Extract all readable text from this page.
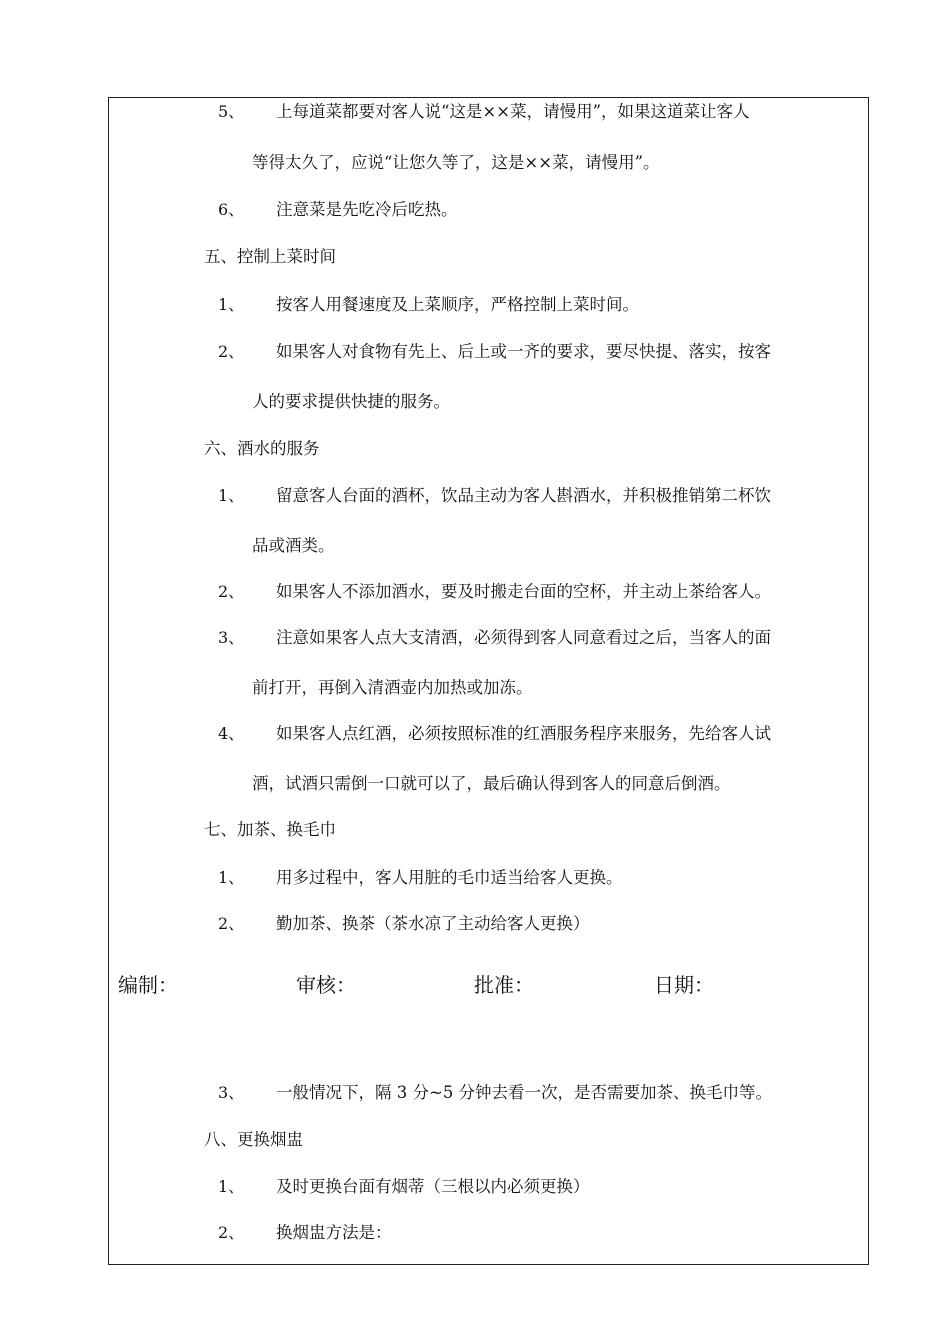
5、 上每道菜都要对客人说“这是××菜，请慢用”，如果这道菜让客人
等得太久了，应说“让您久等了，这是××菜，请慢用”。
6、 注意菜是先吃冷后吃热。
五、控制上菜时间
1、 按客人用餐速度及上菜顺序，严格控制上菜时间。
2、 如果客人对食物有先上、后上或一齐的要求，要尽快提、落实，按客
人的要求提供快捷的服务。
六、酒水的服务
1、 留意客人台面的酒杯，饮品主动为客人斟酒水，并积极推销第二杯饮
品或酒类。
2、 如果客人不添加酒水，要及时搬走台面的空杯，并主动上茶给客人。
3、 注意如果客人点大支清酒，必须得到客人同意看过之后，当客人的面
前打开，再倒入清酒壶内加热或加冻。
4、 如果客人点红酒，必须按照标准的红酒服务程序来服务，先给客人试
酒，试酒只需倒一口就可以了，最后确认得到客人的同意后倒酒。
七、加茶、换毛巾
1、 用多过程中，客人用脏的毛巾适当给客人更换。
2、 勤加茶、换茶（茶水凉了主动给客人更换）
编制：	审核：	批准：	日期：
3、 一般情况下，隔 3 分~5 分钟去看一次，是否需要加茶、换毛巾等。
八、更换烟盅
1、 及时更换台面有烟蒂（三根以内必须更换）
2、 换烟盅方法是：
